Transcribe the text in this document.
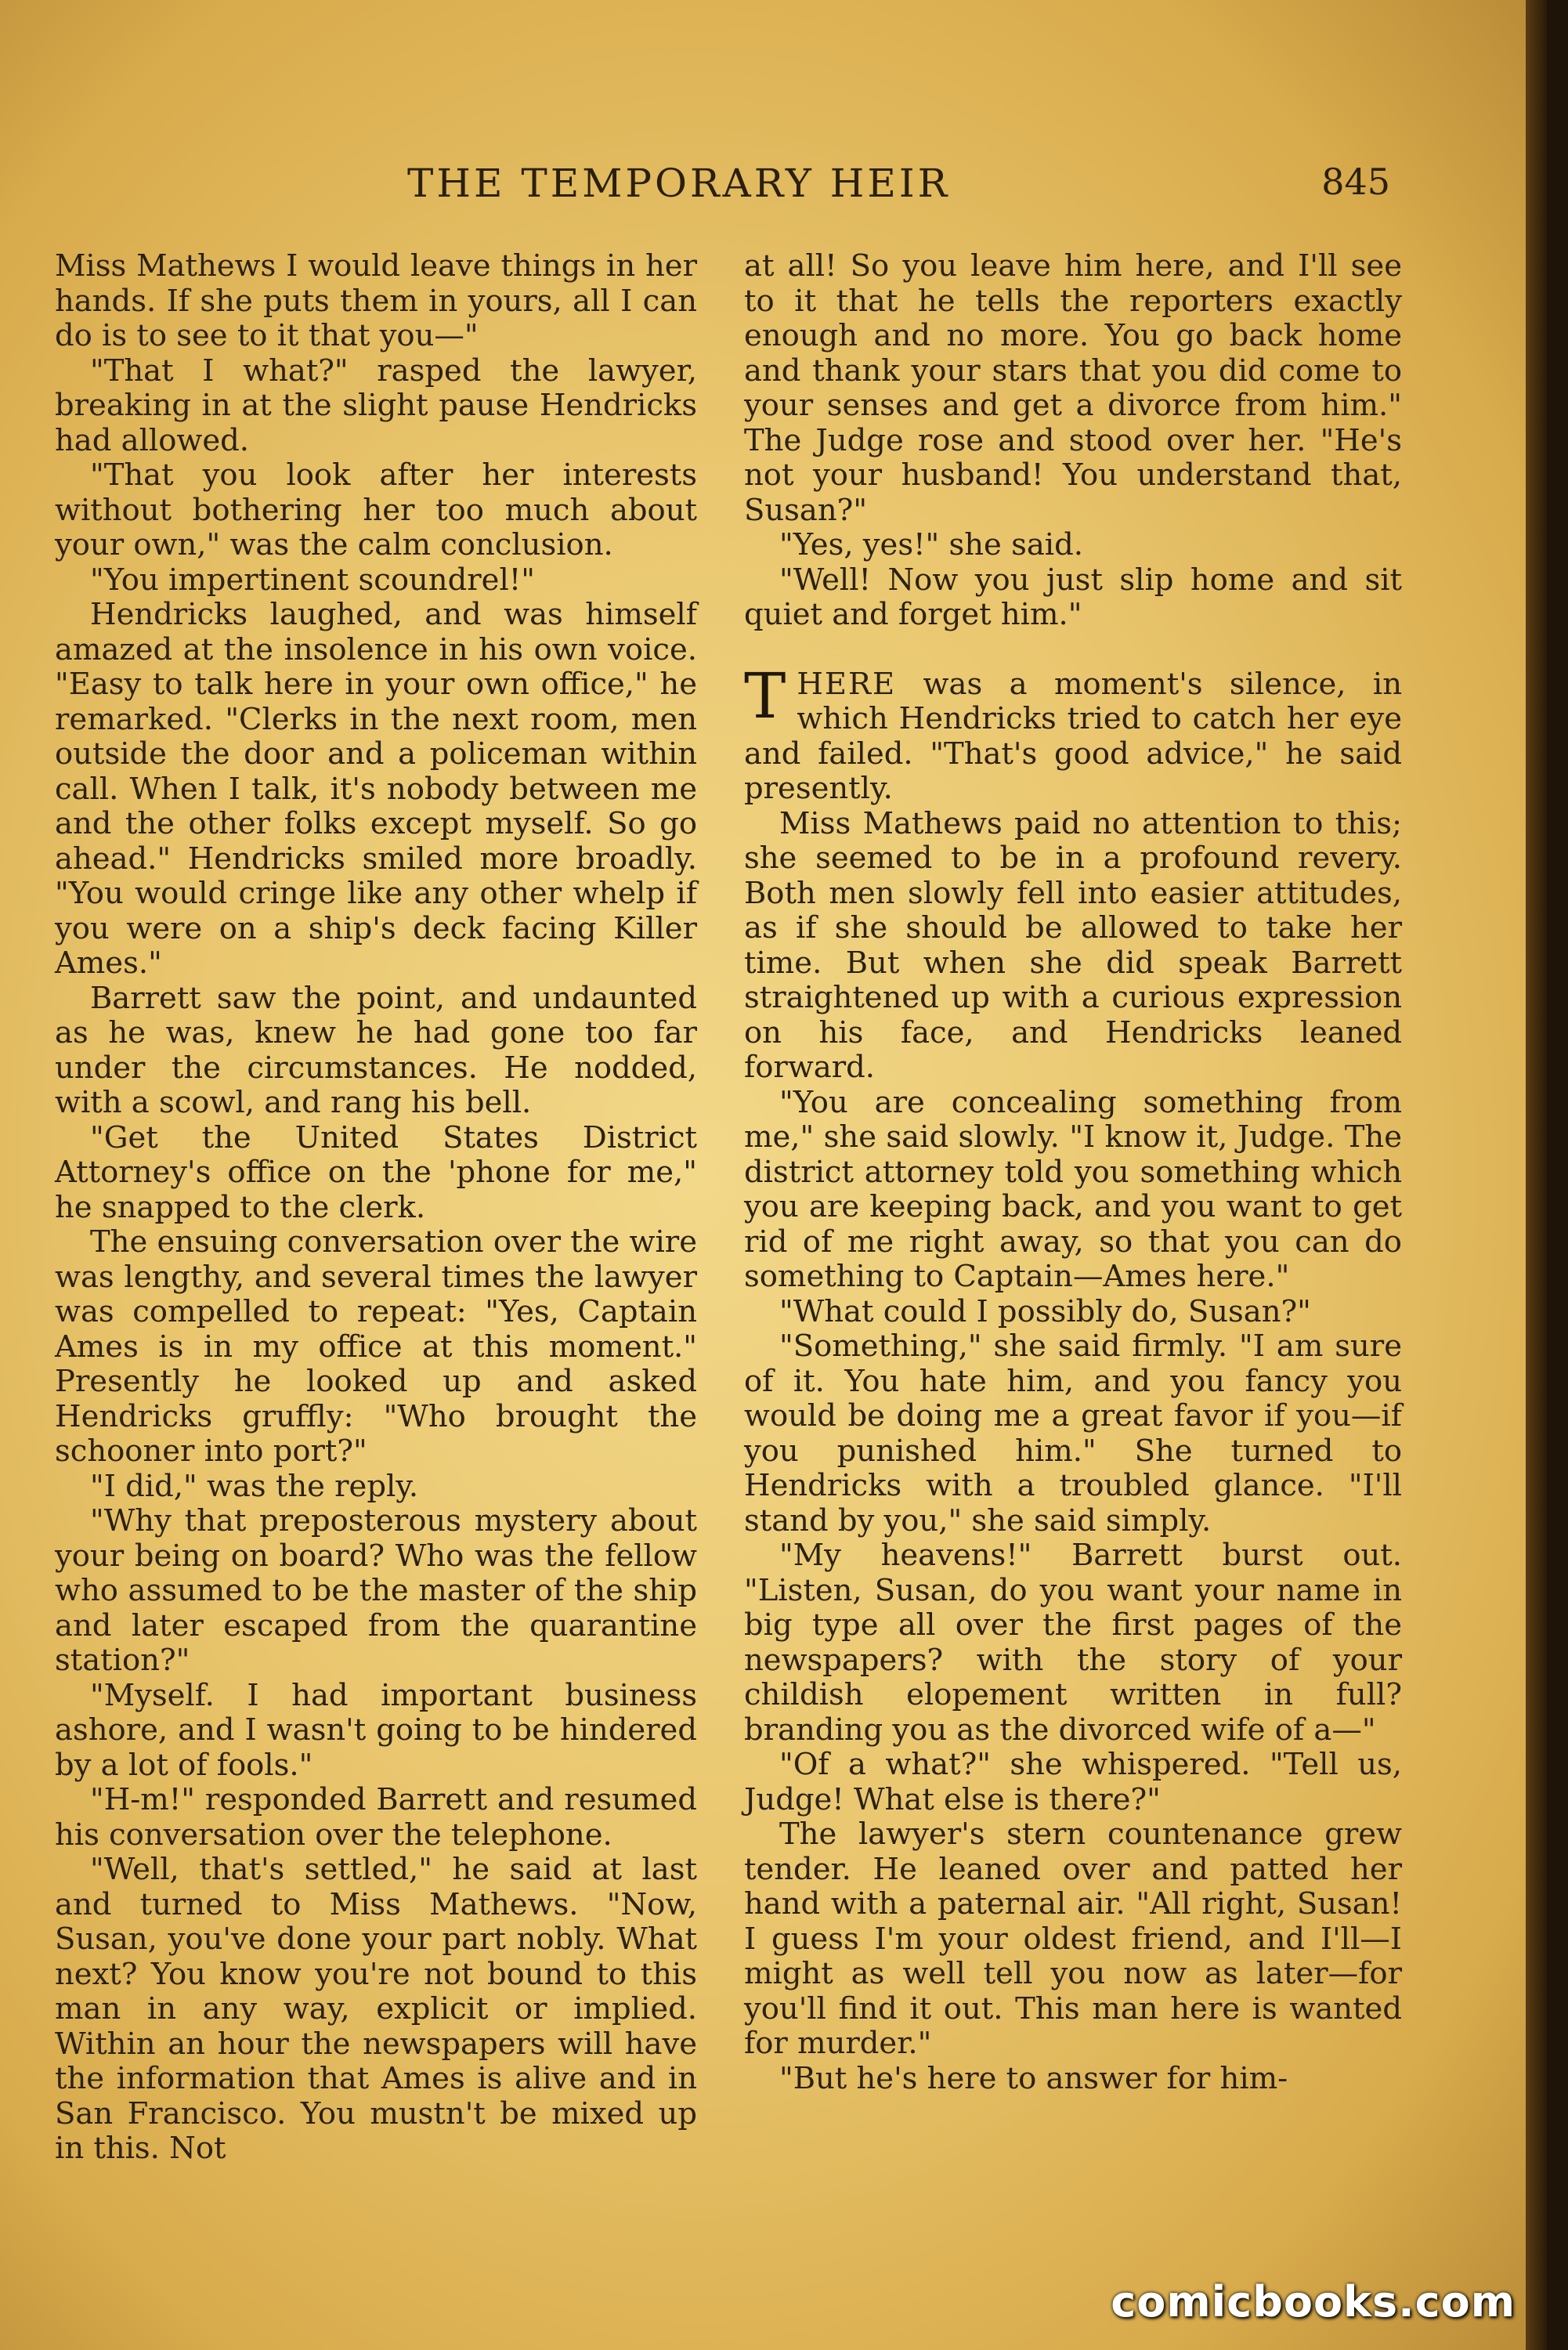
THE TEMPORARY HEIR	845

Miss Mathews I would leave things in her hands. If she puts them in yours, all I can do is to see to it that you—"

"That I what?" rasped the lawyer, breaking in at the slight pause Hendricks had allowed.

"That you look after her interests without bothering her too much about your own," was the calm conclusion.

"You impertinent scoundrel!"

Hendricks laughed, and was himself amazed at the insolence in his own voice. "Easy to talk here in your own office," he remarked. "Clerks in the next room, men outside the door and a policeman within call. When I talk, it's nobody between me and the other folks except myself. So go ahead." Hendricks smiled more broadly. "You would cringe like any other whelp if you were on a ship's deck facing Killer Ames."

Barrett saw the point, and undaunted as he was, knew he had gone too far under the circumstances. He nodded, with a scowl, and rang his bell.

"Get the United States District Attorney's office on the 'phone for me," he snapped to the clerk.

The ensuing conversation over the wire was lengthy, and several times the lawyer was compelled to repeat: "Yes, Captain Ames is in my office at this moment." Presently he looked up and asked Hendricks gruffly: "Who brought the schooner into port?"

"I did," was the reply.

"Why that preposterous mystery about your being on board? Who was the fellow who assumed to be the master of the ship and later escaped from the quarantine station?"

"Myself. I had important business ashore, and I wasn't going to be hindered by a lot of fools."

"H-m!" responded Barrett and resumed his conversation over the telephone.

"Well, that's settled," he said at last and turned to Miss Mathews. "Now, Susan, you've done your part nobly. What next? You know you're not bound to this man in any way, explicit or implied. Within an hour the newspapers will have the information that Ames is alive and in San Francisco. You mustn't be mixed up in this. Not

at all! So you leave him here, and I'll see to it that he tells the reporters exactly enough and no more. You go back home and thank your stars that you did come to your senses and get a divorce from him." The Judge rose and stood over her. "He's not your husband! You understand that, Susan?"

"Yes, yes!" she said.

"Well! Now you just slip home and sit quiet and forget him."

THERE was a moment's silence, in which Hendricks tried to catch her eye and failed. "That's good advice," he said presently.

Miss Mathews paid no attention to this; she seemed to be in a profound revery. Both men slowly fell into easier attitudes, as if she should be allowed to take her time. But when she did speak Barrett straightened up with a curious expression on his face, and Hendricks leaned forward.

"You are concealing something from me," she said slowly. "I know it, Judge. The district attorney told you something which you are keeping back, and you want to get rid of me right away, so that you can do something to Captain—Ames here."

"What could I possibly do, Susan?"

"Something," she said firmly. "I am sure of it. You hate him, and you fancy you would be doing me a great favor if you—if you punished him." She turned to Hendricks with a troubled glance. "I'll stand by you," she said simply.

"My heavens!" Barrett burst out. "Listen, Susan, do you want your name in big type all over the first pages of the newspapers? with the story of your childish elopement written in full? branding you as the divorced wife of a—"

"Of a what?" she whispered. "Tell us, Judge! What else is there?"

The lawyer's stern countenance grew tender. He leaned over and patted her hand with a paternal air. "All right, Susan! I guess I'm your oldest friend, and I'll—I might as well tell you now as later—for you'll find it out. This man here is wanted for murder."

"But he's here to answer for him-

comicbooks.com
